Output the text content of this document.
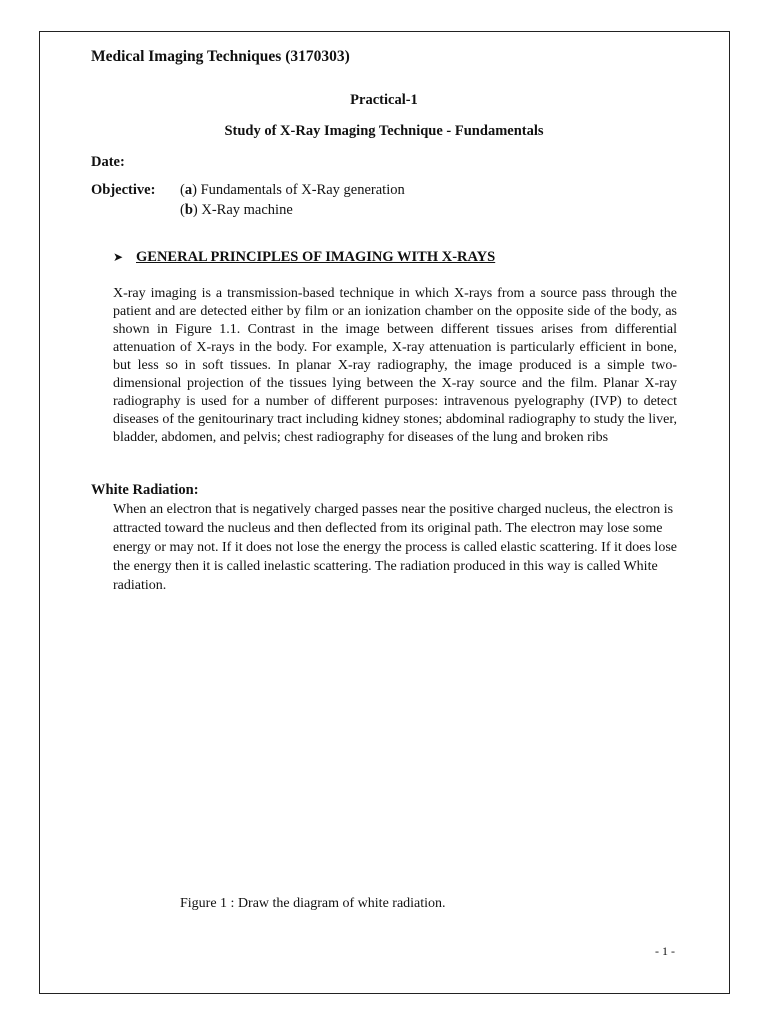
Medical Imaging Techniques (3170303)

Practical-1

Study of X-Ray Imaging Technique - Fundamentals

Date:

Objective: (a) Fundamentals of X-Ray generation

(b) X-Ray machine

➤ GENERAL PRINCIPLES OF IMAGING WITH X-RAYS

X-ray imaging is a transmission-based technique in which X-rays from a source pass through the patient and are detected either by film or an ionization chamber on the opposite side of the body, as shown in Figure 1.1. Contrast in the image between different tissues arises from differential attenuation of X-rays in the body. For example, X-ray attenuation is particularly efficient in bone, but less so in soft tissues. In planar X-ray radiography, the image produced is a simple two-dimensional projection of the tissues lying between the X-ray source and the film. Planar X-ray radiography is used for a number of different purposes: intravenous pyelography (IVP) to detect diseases of the genitourinary tract including kidney stones; abdominal radiography to study the liver, bladder, abdomen, and pelvis; chest radiography for diseases of the lung and broken ribs

White Radiation:

When an electron that is negatively charged passes near the positive charged nucleus, the electron is attracted toward the nucleus and then deflected from its original path. The electron may lose some energy or may not. If it does not lose the energy the process is called elastic scattering. If it does lose the energy then it is called inelastic scattering. The radiation produced in this way is called White radiation.

Figure 1 : Draw the diagram of white radiation.

- 1 -
